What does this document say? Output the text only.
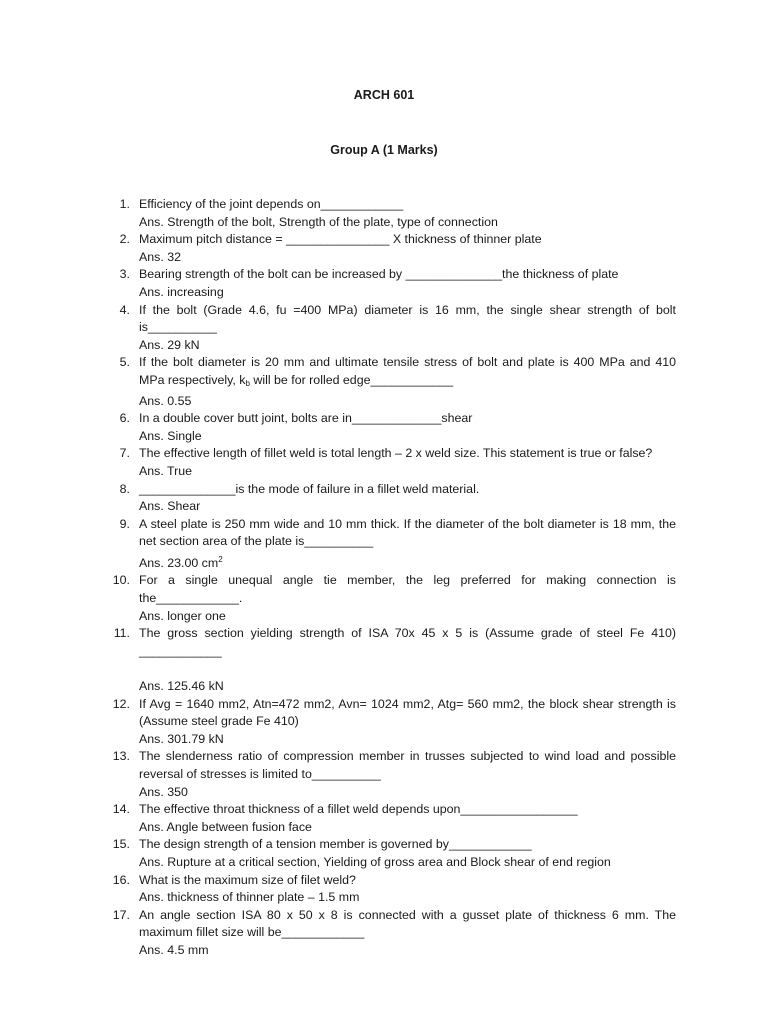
ARCH 601
Group A (1 Marks)
1. Efficiency of the joint depends on____________
Ans. Strength of the bolt, Strength of the plate, type of connection
2. Maximum pitch distance = _______________ X thickness of thinner plate
Ans. 32
3. Bearing strength of the bolt can be increased by ______________the thickness of plate
Ans. increasing
4. If the bolt (Grade 4.6, fu =400 MPa) diameter is 16 mm, the single shear strength of bolt is__________
Ans. 29 kN
5. If the bolt diameter is 20 mm and ultimate tensile stress of bolt and plate is 400 MPa and 410 MPa respectively, $k_b$ will be for rolled edge____________
Ans. 0.55
6. In a double cover butt joint, bolts are in_____________shear
Ans. Single
7. The effective length of fillet weld is total length – 2 x weld size. This statement is true or false?
Ans. True
8. ______________is the mode of failure in a fillet weld material.
Ans. Shear
9. A steel plate is 250 mm wide and 10 mm thick. If the diameter of the bolt diameter is 18 mm, the net section area of the plate is__________
Ans. 23.00 $cm^2$
10. For a single unequal angle tie member, the leg preferred for making connection is the____________.
Ans. longer one
11. The gross section yielding strength of ISA 70x 45 x 5 is (Assume grade of steel Fe 410) ____________
Ans. 125.46 kN
12. If Avg = 1640 mm2, Atn=472 mm2, Avn= 1024 mm2, Atg= 560 mm2, the block shear strength is (Assume steel grade Fe 410)
Ans. 301.79 kN
13. The slenderness ratio of compression member in trusses subjected to wind load and possible reversal of stresses is limited to__________
Ans. 350
14. The effective throat thickness of a fillet weld depends upon_________________
Ans. Angle between fusion face
15. The design strength of a tension member is governed by____________
Ans. Rupture at a critical section, Yielding of gross area and Block shear of end region
16. What is the maximum size of filet weld?
Ans. thickness of thinner plate – 1.5 mm
17. An angle section ISA 80 x 50 x 8 is connected with a gusset plate of thickness 6 mm. The maximum fillet size will be____________
Ans. 4.5 mm
